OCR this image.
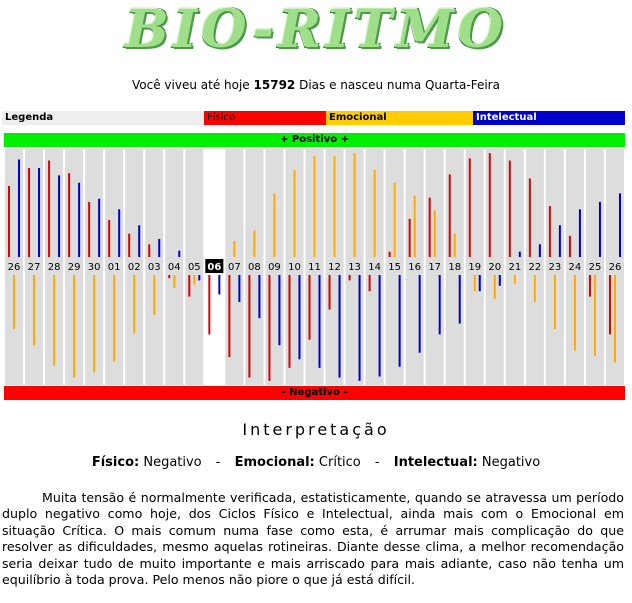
BIO-RITMO
Você viveu até hoje 15792 Dias e nasceu numa Quarta-Feira
Legenda	Físico	Emocional	Intelectual
+ Positivo +
26 27 28 29 30 01 02 03 04 05 06 07 08 09 10 11 12 13 14 15 16 17 18 19 20 21 22 23 24 25 26
- Negativo -
Interpretação
Físico: Negativo - Emocional: Crítico - Intelectual: Negativo
Muita tensão é normalmente verificada, estatisticamente, quando se atravessa um período duplo negativo como hoje, dos Ciclos Físico e Intelectual, ainda mais com o Emocional em situação Crítica. O mais comum numa fase como esta, é arrumar mais complicação do que resolver as dificuldades, mesmo aquelas rotineiras. Diante desse clima, a melhor recomendação seria deixar tudo de muito importante e mais arriscado para mais adiante, caso não tenha um equilíbrio à toda prova. Pelo menos não piore o que já está difícil.
